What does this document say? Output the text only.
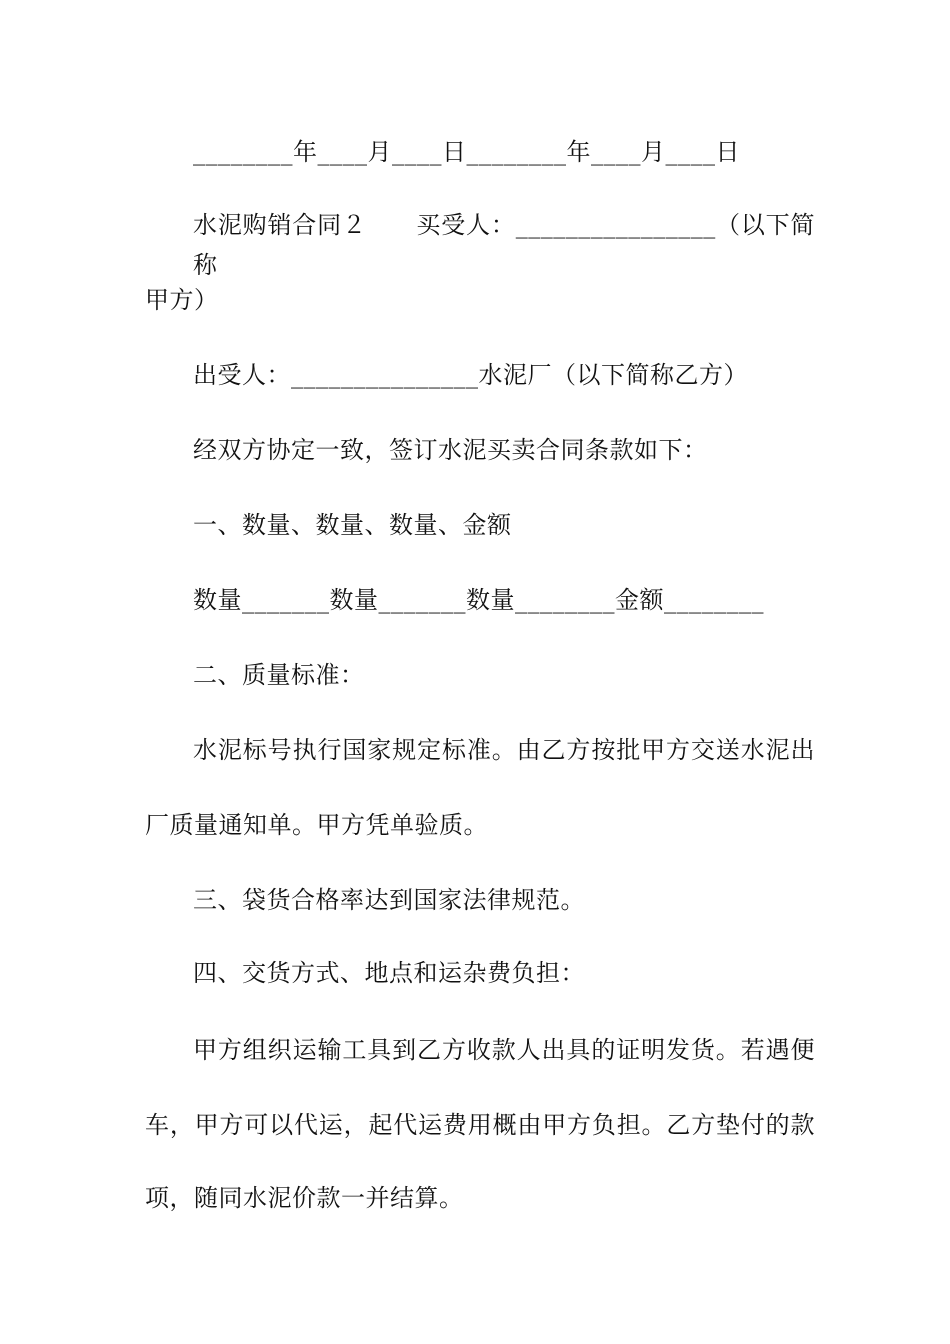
________年____月____日________年____月____日
水泥购销合同２　　买受人：________________（以下简称
甲方）
出受人：_______________水泥厂（以下简称乙方）
经双方协定一致，签订水泥买卖合同条款如下：
一、数量、数量、数量、金额
数量_______数量_______数量________金额________
二、质量标准：
水泥标号执行国家规定标准。由乙方按批甲方交送水泥出
厂质量通知单。甲方凭单验质。
三、袋货合格率达到国家法律规范。
四、交货方式、地点和运杂费负担：
甲方组织运输工具到乙方收款人出具的证明发货。若遇便
车，甲方可以代运，起代运费用概由甲方负担。乙方垫付的款
项，随同水泥价款一并结算。
